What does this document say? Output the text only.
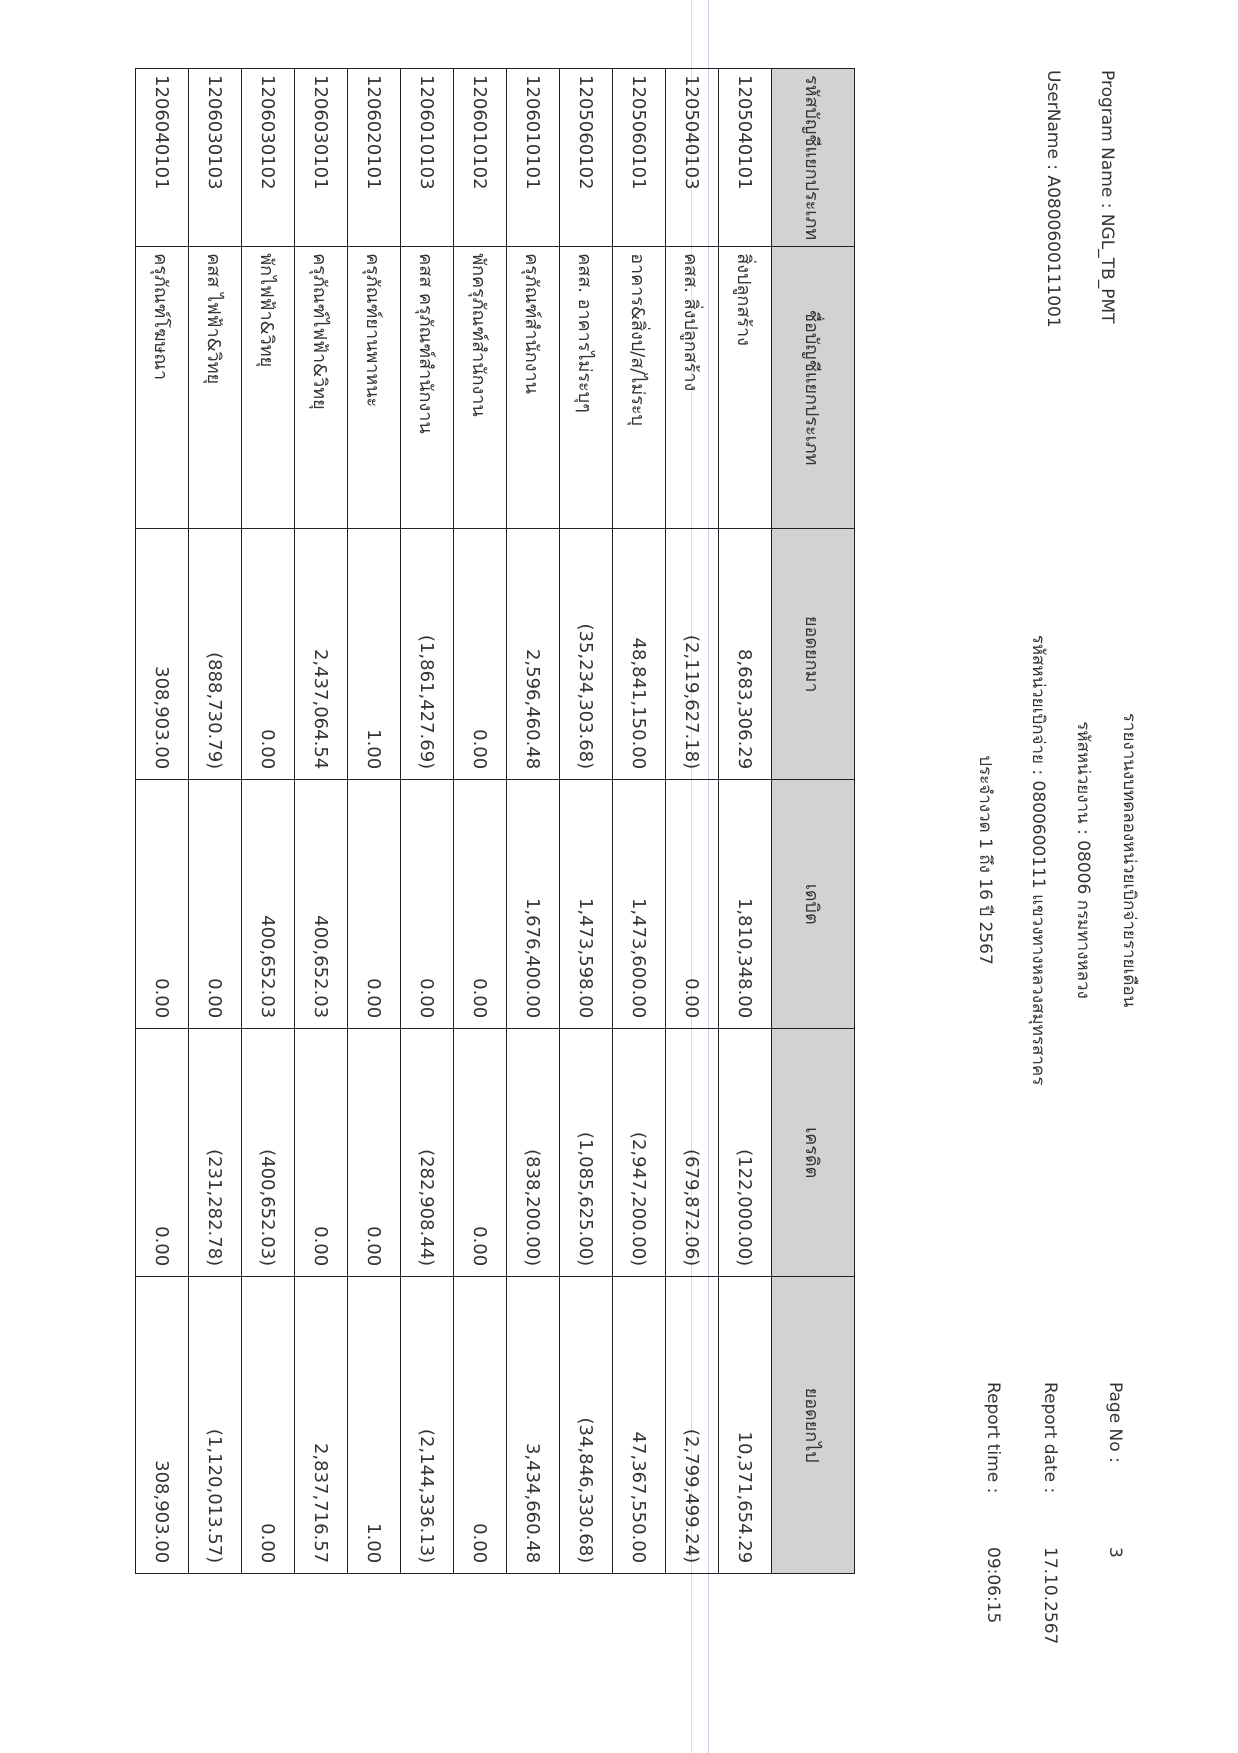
Program Name : NGL_TB_PMT
UserName : A0800600111001
รายงานงบทดลองหน่วยเบิกจ่ายรายเดือน
รหัสหน่วยงาน : 08006 กรมทางหลวง
รหัสหน่วยเบิกจ่าย : 0800600111 แขวงทางหลวงสมุทรสาคร
ประจำงวด 1 ถึง 16 ปี 2567
Page No :
3
Report date :
17.10.2567
Report time :
09:06:15
รหัสบัญชีแยกประเภท	ชื่อบัญชีแยกประเภท	ยอดยกมา	เดบิต	เครดิต	ยอดยกไป
1205040101	สิ่งปลูกสร้าง	8,683,306.29	1,810,348.00	(122,000.00)	10,371,654.29
1205040103	คสส. สิ่งปลูกสร้าง	(2,119,627.18)	0.00	(679,872.06)	(2,799,499.24)
1205060101	อาคาร&สิ่งป/ส/ไม่ระบุ	48,841,150.00	1,473,600.00	(2,947,200.00)	47,367,550.00
1205060102	คสส. อาคารไม่ระบุๆ	(35,234,303.68)	1,473,598.00	(1,085,625.00)	(34,846,330.68)
1206010101	ครุภัณฑ์สำนักงาน	2,596,460.48	1,676,400.00	(838,200.00)	3,434,660.48
1206010102	พักครุภัณฑ์สำนักงาน	0.00	0.00	0.00	0.00
1206010103	คสส ครุภัณฑ์สำนักงาน	(1,861,427.69)	0.00	(282,908.44)	(2,144,336.13)
1206020101	ครุภัณฑ์ยานพาหนะ	1.00	0.00	0.00	1.00
1206030101	ครุภัณฑ์ไฟฟ้า&วิทยุ	2,437,064.54	400,652.03	0.00	2,837,716.57
1206030102	พักไฟฟ้า&วิทยุ	0.00	400,652.03	(400,652.03)	0.00
1206030103	คสส ไฟฟ้า&วิทยุ	(888,730.79)	0.00	(231,282.78)	(1,120,013.57)
1206040101	ครุภัณฑ์โฆษณา	308,903.00	0.00	0.00	308,903.00
